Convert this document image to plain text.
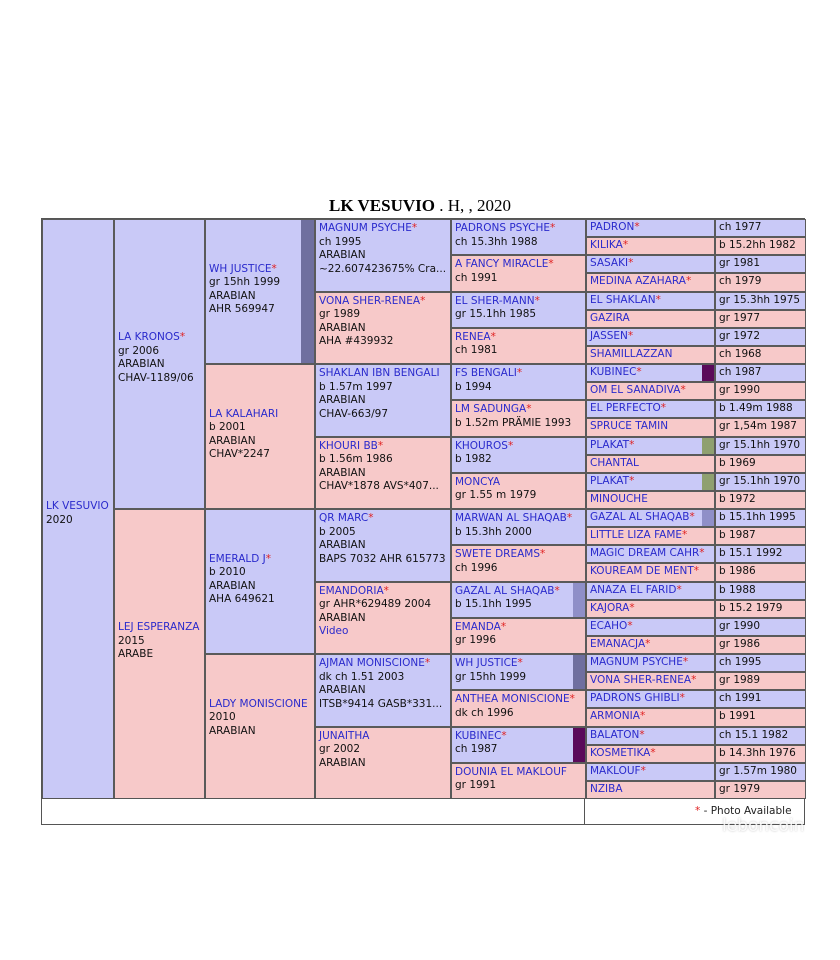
LK VESUVIO . H, , 2020
LK VESUVIO
2020
LA KRONOS*
gr 2006
ARABIAN
CHAV-1189/06
LEJ ESPERANZA
2015
ARABE
WH JUSTICE*
gr 15hh 1999
ARABIAN
AHR 569947
LA KALAHARI
b 2001
ARABIAN
CHAV*2247
EMERALD J*
b 2010
ARABIAN
AHA 649621
LADY MONISCIONE
2010
ARABIAN
MAGNUM PSYCHE*
ch 1995
ARABIAN
~22.607423675% Cra...
VONA SHER-RENEA*
gr 1989
ARABIAN
AHA #439932
SHAKLAN IBN BENGALI
b 1.57m 1997
ARABIAN
CHAV-663/97
KHOURI BB*
b 1.56m 1986
ARABIAN
CHAV*1878 AVS*407...
QR MARC*
b 2005
ARABIAN
BAPS 7032 AHR 615773
EMANDORIA*
gr AHR*629489 2004
ARABIAN
Video
AJMAN MONISCIONE*
dk ch 1.51 2003
ARABIAN
ITSB*9414 GASB*331...
JUNAITHA
gr 2002
ARABIAN
PADRONS PSYCHE*
ch 15.3hh 1988
A FANCY MIRACLE*
ch 1991
EL SHER-MANN*
gr 15.1hh 1985
RENEA*
ch 1981
FS BENGALI*
b 1994
LM SADUNGA*
b 1.52m PRÄMIE 1993
KHOUROS*
b 1982
MONCYA
gr 1.55 m 1979
MARWAN AL SHAQAB*
b 15.3hh 2000
SWETE DREAMS*
ch 1996
GAZAL AL SHAQAB*
b 15.1hh 1995
EMANDA*
gr 1996
WH JUSTICE*
gr 15hh 1999
ANTHEA MONISCIONE*
dk ch 1996
KUBINEC*
ch 1987
DOUNIA EL MAKLOUF
gr 1991
PADRON*	ch 1977
KILIKA*	b 15.2hh 1982
SASAKI*	gr 1981
MEDINA AZAHARA*	ch 1979
EL SHAKLAN*	gr 15.3hh 1975
GAZIRA	gr 1977
JASSEN*	gr 1972
SHAMILLAZZAN	ch 1968
KUBINEC*	ch 1987
OM EL SANADIVA*	gr 1990
EL PERFECTO*	b 1.49m 1988
SPRUCE TAMIN	gr 1,54m 1987
PLAKAT*	gr 15.1hh 1970
CHANTAL	b 1969
PLAKAT*	gr 15.1hh 1970
MINOUCHE	b 1972
GAZAL AL SHAQAB*	b 15.1hh 1995
LITTLE LIZA FAME*	b 1987
MAGIC DREAM CAHR*	b 15.1 1992
KOUREAM DE MENT*	b 1986
ANAZA EL FARID*	b 1988
KAJORA*	b 15.2 1979
ECAHO*	gr 1990
EMANACJA*	gr 1986
MAGNUM PSYCHE*	ch 1995
VONA SHER-RENEA*	gr 1989
PADRONS GHIBLI*	ch 1991
ARMONIA*	b 1991
BALATON*	ch 15.1 1982
KOSMETIKA*	b 14.3hh 1976
MAKLOUF*	gr 1.57m 1980
NZIBA	gr 1979
* - Photo Available
leboncoin
